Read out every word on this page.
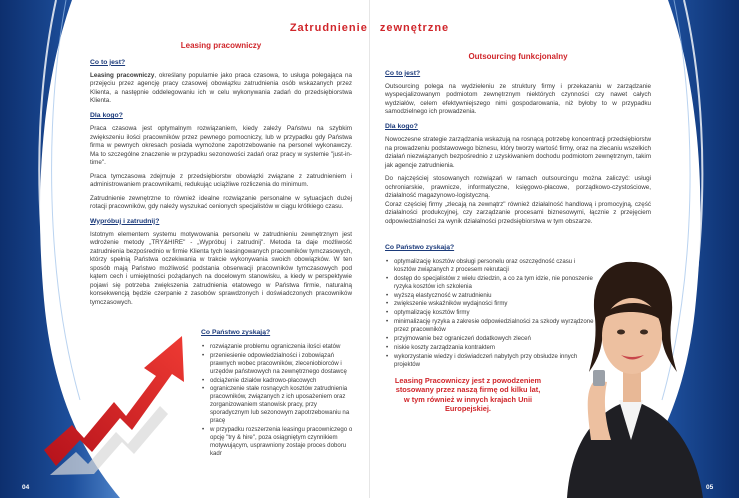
Zatrudnienie zewnętrzne
Leasing pracowniczy
Co to jest?

Leasing pracowniczy, określany popularnie jako praca czasowa, to usługa polegająca na przejęciu przez agencję pracy czasowej obowiązku zatrudnienia osób wskazanych przez Klienta, a następnie oddelegowaniu ich w celu wykonywania zadań do przedsiębiorstwa Klienta.

Dla kogo?

Praca czasowa jest optymalnym rozwiązaniem, kiedy zależy Państwu na szybkim zwiększeniu ilości pracowników przez pewnego pomocniczy, lub w przypadku gdy Państwa firma w pewnych okresach posiada wymożone zapotrzebowanie na personel wykonawczy. Ma to szczególne znaczenie w przypadku sezonowości zadań oraz pracy w systemie "just-in-time".

Praca tymczasowa zdejmuje z przedsiębiorstw obowiązki związane z zatrudnieniem i administrowaniem pracownikami, redukując uciążliwe rozliczenia do minimum.

Zatrudnienie zewnętrzne to również idealne rozwiązanie personalne w sytuacjach dużej rotacji pracowników, gdy należy wyszukać cenionych specjalistów w ciągu krótkiego czasu.

Wypróbuj i zatrudnij?

Istotnym elementem systemu motywowania personelu w zatrudnieniu zewnętrznym jest wdrożenie metody „TRY&HIRE" - „Wypróbuj i zatrudnij". Metoda ta daje możliwość zatrudnienia bezpośrednio w firmie Klienta tych leasingowanych pracowników tymczasowych, którzy spełnią Państwa oczekiwania w trakcie wykonywania swoich obowiązków. W ten sposób mają Państwo możliwość podstania obserwacji pracowników tymczasowych pod kątem cech i umiejętności pożądanych na docelowym stanowisku, a kiedy w perspektywie pojawi się potrzeba zwiększenia zatrudnienia etatowego w Państwa firmie, naturalną konsekwencją będzie czerpanie z zasobów sprawdzonych i doświadczonych pracowników tymczasowych.

Co Państwo zyskają?
• rozwiązanie problemu ograniczenia ilości etatów
• przeniesienie odpowiedzialności i zobowiązań prawnych wobec pracowników, zleceniobiorców i urzędów państwowych na zewnętrznego dostawcę
• odciążenie działów kadrowo-płacowych
• ograniczenie stałe rosnących kosztów zatrudnienia pracowników, związanych z ich uposażeniem oraz zorganizowaniem stanowisk pracy, przy sporadycznym lub sezonowym zapotrzebowaniu na pracę
• w przypadku rozszerzenia leasingu pracowniczego o opcję "try & hire", poza osiągniętym czynnikiem motywującym, usprawniony zostaje proces doboru kadr
Outsourcing funkcjonalny
Co to jest?

Outsourcing polega na wydzieleniu ze struktury firmy i przekazaniu w zarządzanie wyspecjalizowanym podmiotom zewnętrznym niektórych czynności czy nawet całych wydziałów, celem efektywniejszego nimi gospodarowania, niż byłoby to w przypadku samodzielnego ich prowadzenia.

Dla kogo?

Nowoczesne strategie zarządzania wskazują na rosnącą potrzebę koncentracji przedsiębiorstw na prowadzeniu podstawowego biznesu, który tworzy wartość firmy, oraz na zlecaniu wszelkich działań niezwiązanych bezpośrednio z uzyskiwaniem dochodu podmiotom zewnętrznym, takim jak agencje zatrudnienia.

Do najczęściej stosowanych rozwiązań w ramach outsourcingu można zaliczyć: usługi ochroniarskie, prawnicze, informatyczne, księgowo-płacowe, porządkowo-czystościowe, działalność magazynowo-logistyczną.

Coraz częściej firmy „zlecają na zewnątrz" również działalność handlową i promocyjną, część działalności produkcyjnej, czy zarządzanie procesami biznesowymi, łącznie z przejęciem odpowiedzialności za wynik działalności przedsiębiorstwa w tym obszarze.

Co Państwo zyskają?
• optymalizację kosztów obsługi personelu oraz oszczędność czasu i kosztów związanych z procesem rekrutacji
• dostęp do specjalistów z wielu dziedzin, a co za tym idzie, nie ponoszenie ryzyka kosztów ich szkolenia
• wyższą elastyczność w zatrudnieniu
• zwiększenie wskaźników wydajności firmy
• optymalizację kosztów firmy
• minimalizację ryzyka a zakresie odpowiedzialności za szkody wyrządzone przez pracowników
• przyjmowanie bez ograniczeń dodatkowych zleceń
• niskie koszty zarządzania kontraktem
• wykorzystanie wiedzy i doświadczeń nabytych przy obsłudze innych projektów
Leasing Pracowniczy jest z powodzeniem stosowany przez naszą firmę od kilku lat, w tym również w innych krajach Unii Europejskiej.
04	05
